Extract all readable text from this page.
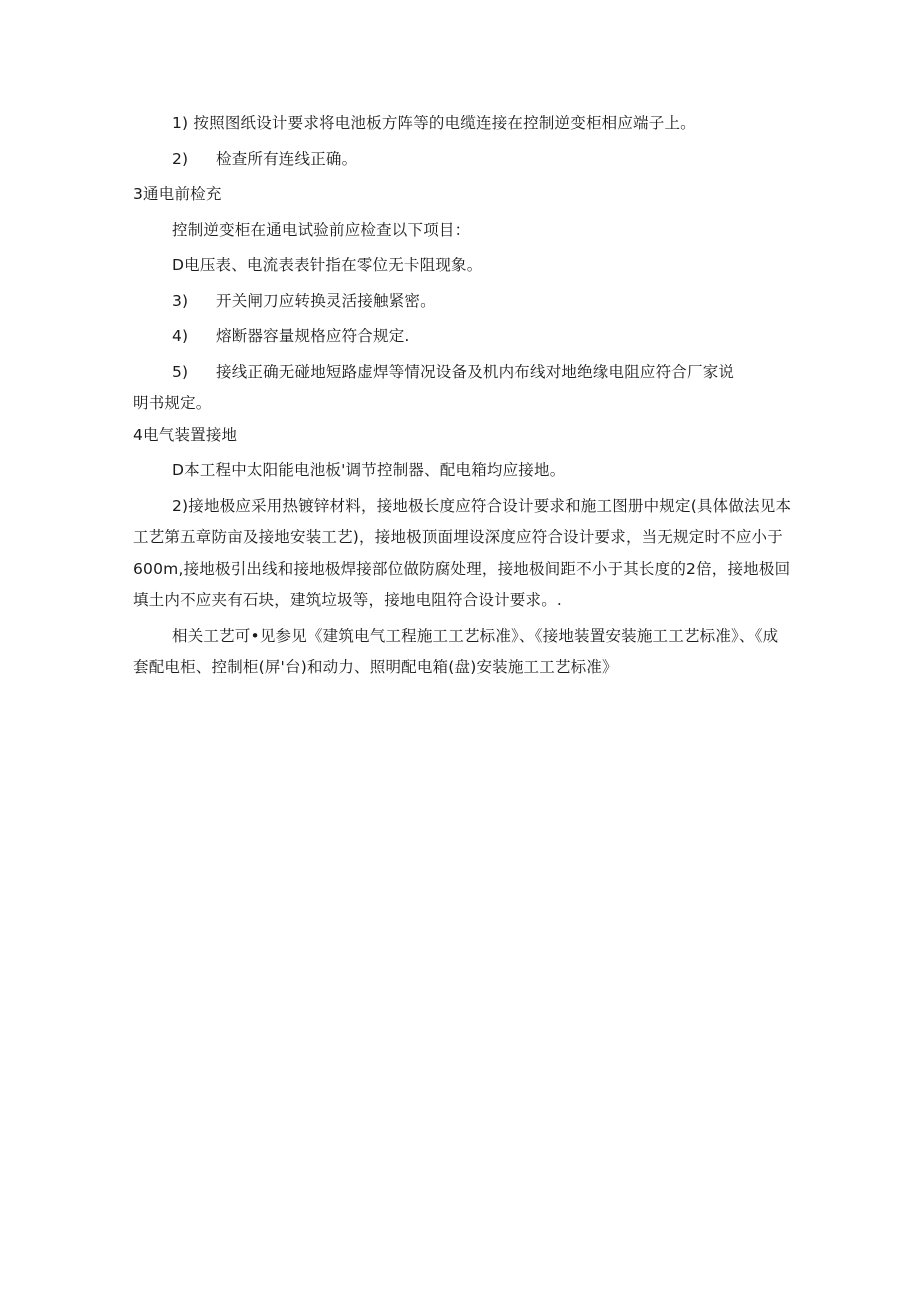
1) 按照图纸设计要求将电池板方阵等的电缆连接在控制逆变柜相应端子上。

2) 检查所有连线正确。

3通电前检充

控制逆变柜在通电试验前应检查以下项目：

D电压表、电流表表针指在零位无卡阻现象。

3) 开关闸刀应转换灵活接触紧密。

4) 熔断器容量规格应符合规定.

5) 接线正确无碰地短路虚焊等情况设备及机内布线对地绝缘电阻应符合厂家说

明书规定。

4电气装置接地

D本工程中太阳能电池板'调节控制器、配电箱均应接地。

2)接地极应采用热镀锌材料，接地极长度应符合设计要求和施工图册中规定(具体做法见本工艺第五章防亩及接地安装工艺)，接地极顶面埋设深度应符合设计要求，当无规定时不应小于600m,接地极引出线和接地极焊接部位做防腐处理，接地极间距不小于其长度的2倍，接地极回填土内不应夹有石块，建筑垃圾等，接地电阻符合设计要求。.

相关工艺可•见参见《建筑电气工程施工工艺标准》、《接地装置安装施工工艺标准》、《成套配电柜、控制柜(屏'台)和动力、照明配电箱(盘)安装施工工艺标准》
